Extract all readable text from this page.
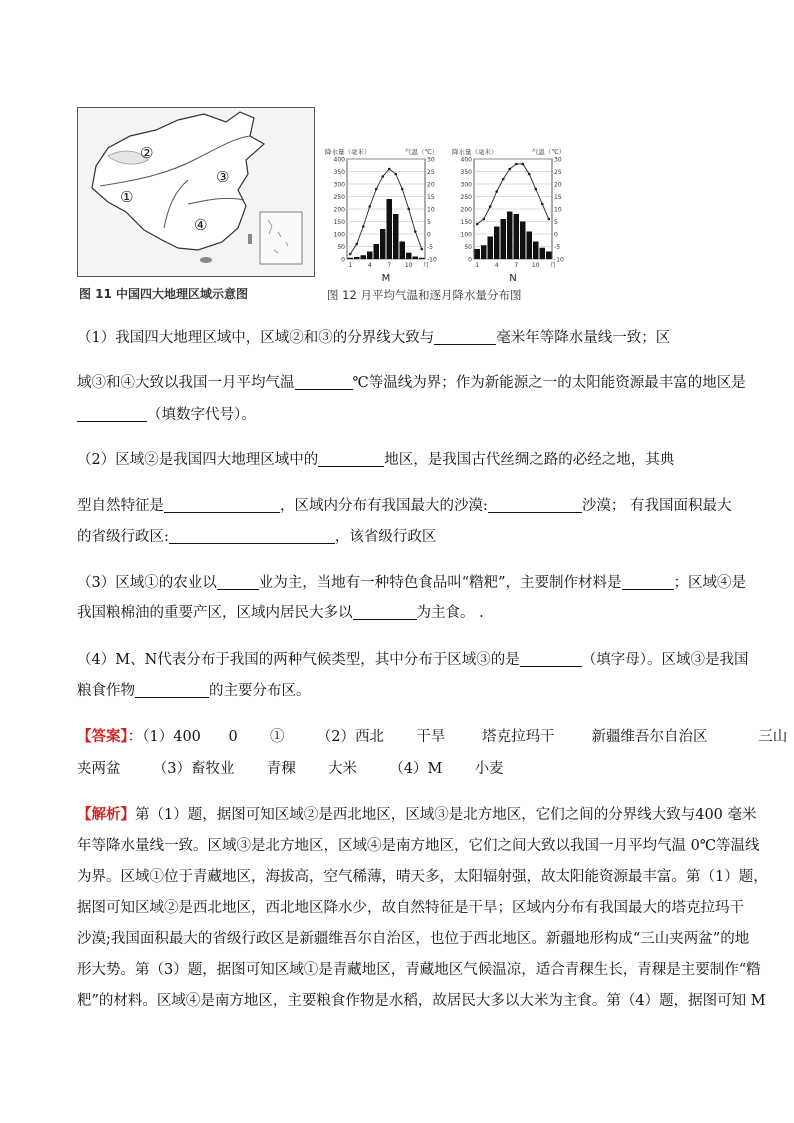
②
①
③
④
图 11 中国四大地理区域示意图
降水量（毫米）	气温（℃）
400
350
300
250
200
150
100
50
0
30
25
20
15
10
5
0
-5
-10
1	4	7 10 月
M
降水量（毫米）	气温（℃）
400
350
300
250
200
150
100
50
0
30
25
20
15
10
5
0
-5
-10
1	4	7 10 月
N
图 12 月平均气温和逐月降水量分布图
（1）我国四大地理区域中，区域②和③的分界线大致与	毫米年等降水量线一致；区
域③和④大致以我国一月平均气温	℃等温线为界；作为新能源之一的太阳能资源最丰富的地区是
（填数字代号）。
（2）区域②是我国四大地理区域中的	地区，是我国古代丝绸之路的必经之地，其典
型自然特征是	，区域内分布有我国最大的沙漠:	沙漠； 有我国面积最大
的省级行政区:	，该省级行政区
（3）区域①的农业以	业为主，当地有一种特色食品叫“糌粑”，主要制作材料是	；区域④是
我国粮棉油的重要产区，区域内居民大多以	为主食。 .
（4）M、N代表分布于我国的两种气候类型，其中分布于区域③的是	（填字母）。区域③是我国
粮食作物	的主要分布区。
【答案】：（1）400      0       ①       （2）西北       干旱        塔克拉玛干        新疆维吾尔自治区           三山
夹两盆       （3）畜牧业       青稞       大米       （4）M       小麦
【解析】第（1）题，据图可知区域②是西北地区，区域③是北方地区，它们之间的分界线大致与400 毫米
年等降水量线一致。区域③是北方地区，区域④是南方地区，它们之间大致以我国一月平均气温 0℃等温线
为界。区域①位于青藏地区，海拔高，空气稀薄，晴天多，太阳辐射强，故太阳能资源最丰富。第（1）题，
据图可知区域②是西北地区，西北地区降水少，故自然特征是干旱；区域内分布有我国最大的塔克拉玛干
沙漠;我国面积最大的省级行政区是新疆维吾尔自治区，也位于西北地区。新疆地形构成“三山夹两盆”的地
形大势。第（3）题，据图可知区域①是青藏地区，青藏地区气候温凉，适合青稞生长，青稞是主要制作“糌
粑”的材料。区域④是南方地区，主要粮食作物是水稻，故居民大多以大米为主食。第（4）题，据图可知 M
